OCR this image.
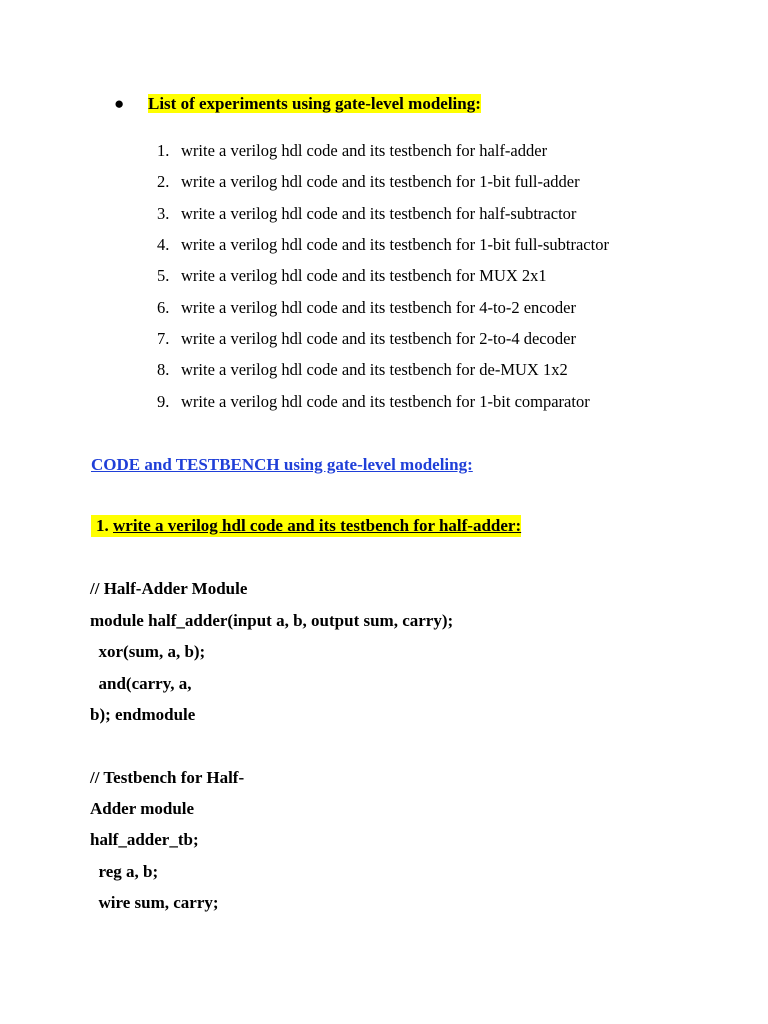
● List of experiments using gate-level modeling:
1. write a verilog hdl code and its testbench for half-adder
2. write a verilog hdl code and its testbench for 1-bit full-adder
3. write a verilog hdl code and its testbench for half-subtractor
4. write a verilog hdl code and its testbench for 1-bit full-subtractor
5. write a verilog hdl code and its testbench for MUX 2x1
6. write a verilog hdl code and its testbench for 4-to-2 encoder
7. write a verilog hdl code and its testbench for 2-to-4 decoder
8. write a verilog hdl code and its testbench for de-MUX 1x2
9. write a verilog hdl code and its testbench for 1-bit comparator
CODE and TESTBENCH using gate-level modeling:
1. write a verilog hdl code and its testbench for half-adder:
// Half-Adder Module
module half_adder(input a, b, output sum, carry);
xor(sum, a, b);
and(carry, a,
b); endmodule
// Testbench for Half-
Adder module
half_adder_tb;
reg a, b;
wire sum, carry;
